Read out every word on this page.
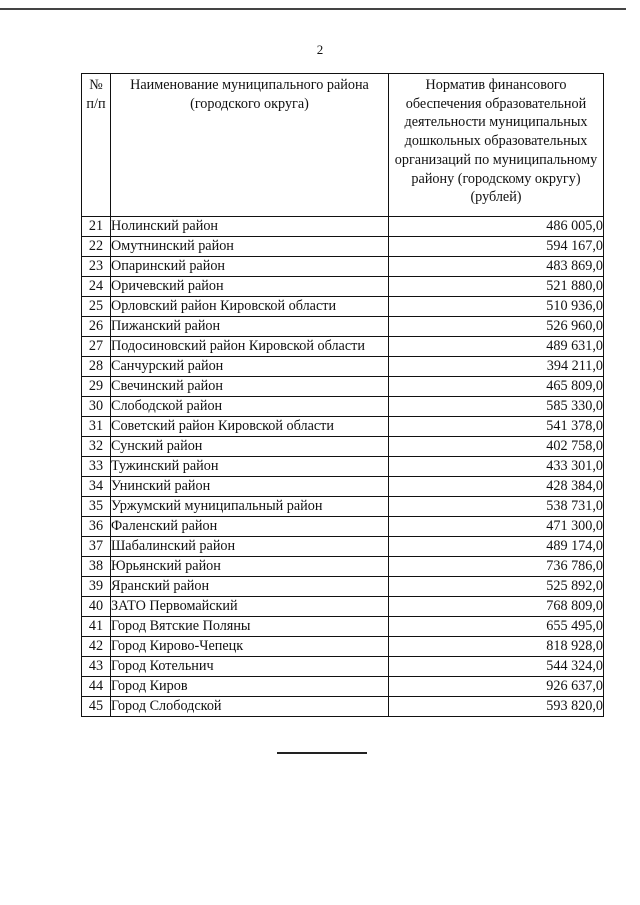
2
№ п/п	Наименование муниципального района (городского округа)	Норматив финансового обеспечения образовательной деятельности муниципальных дошкольных образовательных организаций по муниципальному району (городскому округу) (рублей)
21	Нолинский район	486 005,0
22	Омутнинский район	594 167,0
23	Опаринский район	483 869,0
24	Оричевский район	521 880,0
25	Орловский район Кировской области	510 936,0
26	Пижанский район	526 960,0
27	Подосиновский район Кировской области	489 631,0
28	Санчурский район	394 211,0
29	Свечинский район	465 809,0
30	Слободской район	585 330,0
31	Советский район Кировской области	541 378,0
32	Сунский район	402 758,0
33	Тужинский район	433 301,0
34	Унинский район	428 384,0
35	Уржумский муниципальный район	538 731,0
36	Фаленский район	471 300,0
37	Шабалинский район	489 174,0
38	Юрьянский район	736 786,0
39	Яранский район	525 892,0
40	ЗАТО Первомайский	768 809,0
41	Город Вятские Поляны	655 495,0
42	Город Кирово-Чепецк	818 928,0
43	Город Котельнич	544 324,0
44	Город Киров	926 637,0
45	Город Слободской	593 820,0
